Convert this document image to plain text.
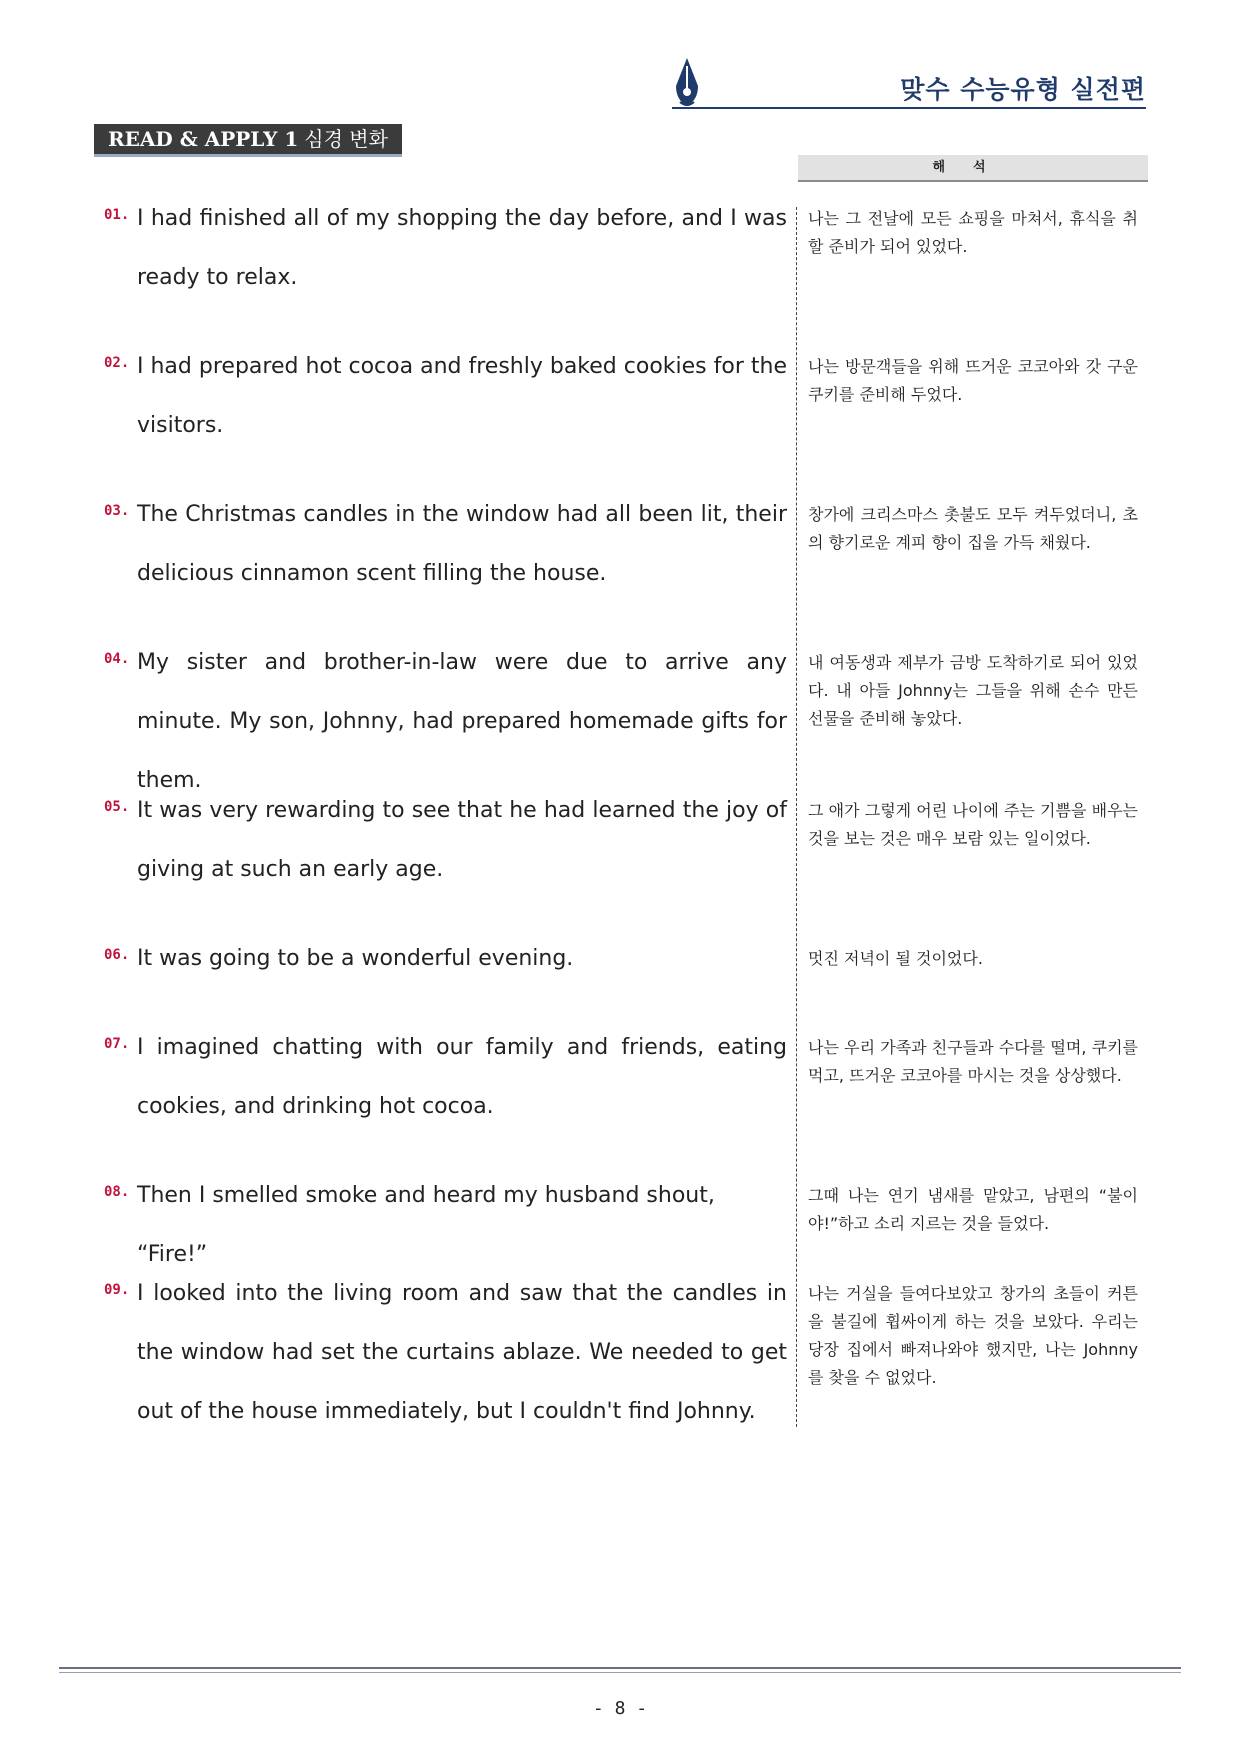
맞수 수능유형 실전편
READ & APPLY 1 심경 변화
해석
01. I had finished all of my shopping the day before, and I was ready to relax.
나는 그 전날에 모든 쇼핑을 마쳐서, 휴식을 취할 준비가 되어 있었다.
02. I had prepared hot cocoa and freshly baked cookies for the visitors.
나는 방문객들을 위해 뜨거운 코코아와 갓 구운 쿠키를 준비해 두었다.
03. The Christmas candles in the window had all been lit, their delicious cinnamon scent filling the house.
창가에 크리스마스 촛불도 모두 켜두었더니, 초의 향기로운 계피 향이 집을 가득 채웠다.
04. My sister and brother-in-law were due to arrive any minute. My son, Johnny, had prepared homemade gifts for them.
내 여동생과 제부가 금방 도착하기로 되어 있었다. 내 아들 Johnny는 그들을 위해 손수 만든 선물을 준비해 놓았다.
05. It was very rewarding to see that he had learned the joy of giving at such an early age.
그 애가 그렇게 어린 나이에 주는 기쁨을 배우는 것을 보는 것은 매우 보람 있는 일이었다.
06. It was going to be a wonderful evening.	멋진 저녁이 될 것이었다.
07. I imagined chatting with our family and friends, eating cookies, and drinking hot cocoa.
나는 우리 가족과 친구들과 수다를 떨며, 쿠키를 먹고, 뜨거운 코코아를 마시는 것을 상상했다.
08. Then I smelled smoke and heard my husband shout, “Fire!”
그때 나는 연기 냄새를 맡았고, 남편의 “불이야!”하고 소리 지르는 것을 들었다.
09. I looked into the living room and saw that the candles in the window had set the curtains ablaze. We needed to get out of the house immediately, but I couldn't find Johnny.
나는 거실을 들여다보았고 창가의 초들이 커튼을 불길에 휩싸이게 하는 것을 보았다. 우리는 당장 집에서 빠져나와야 했지만, 나는 Johnny를 찾을 수 없었다.
- 8 -
